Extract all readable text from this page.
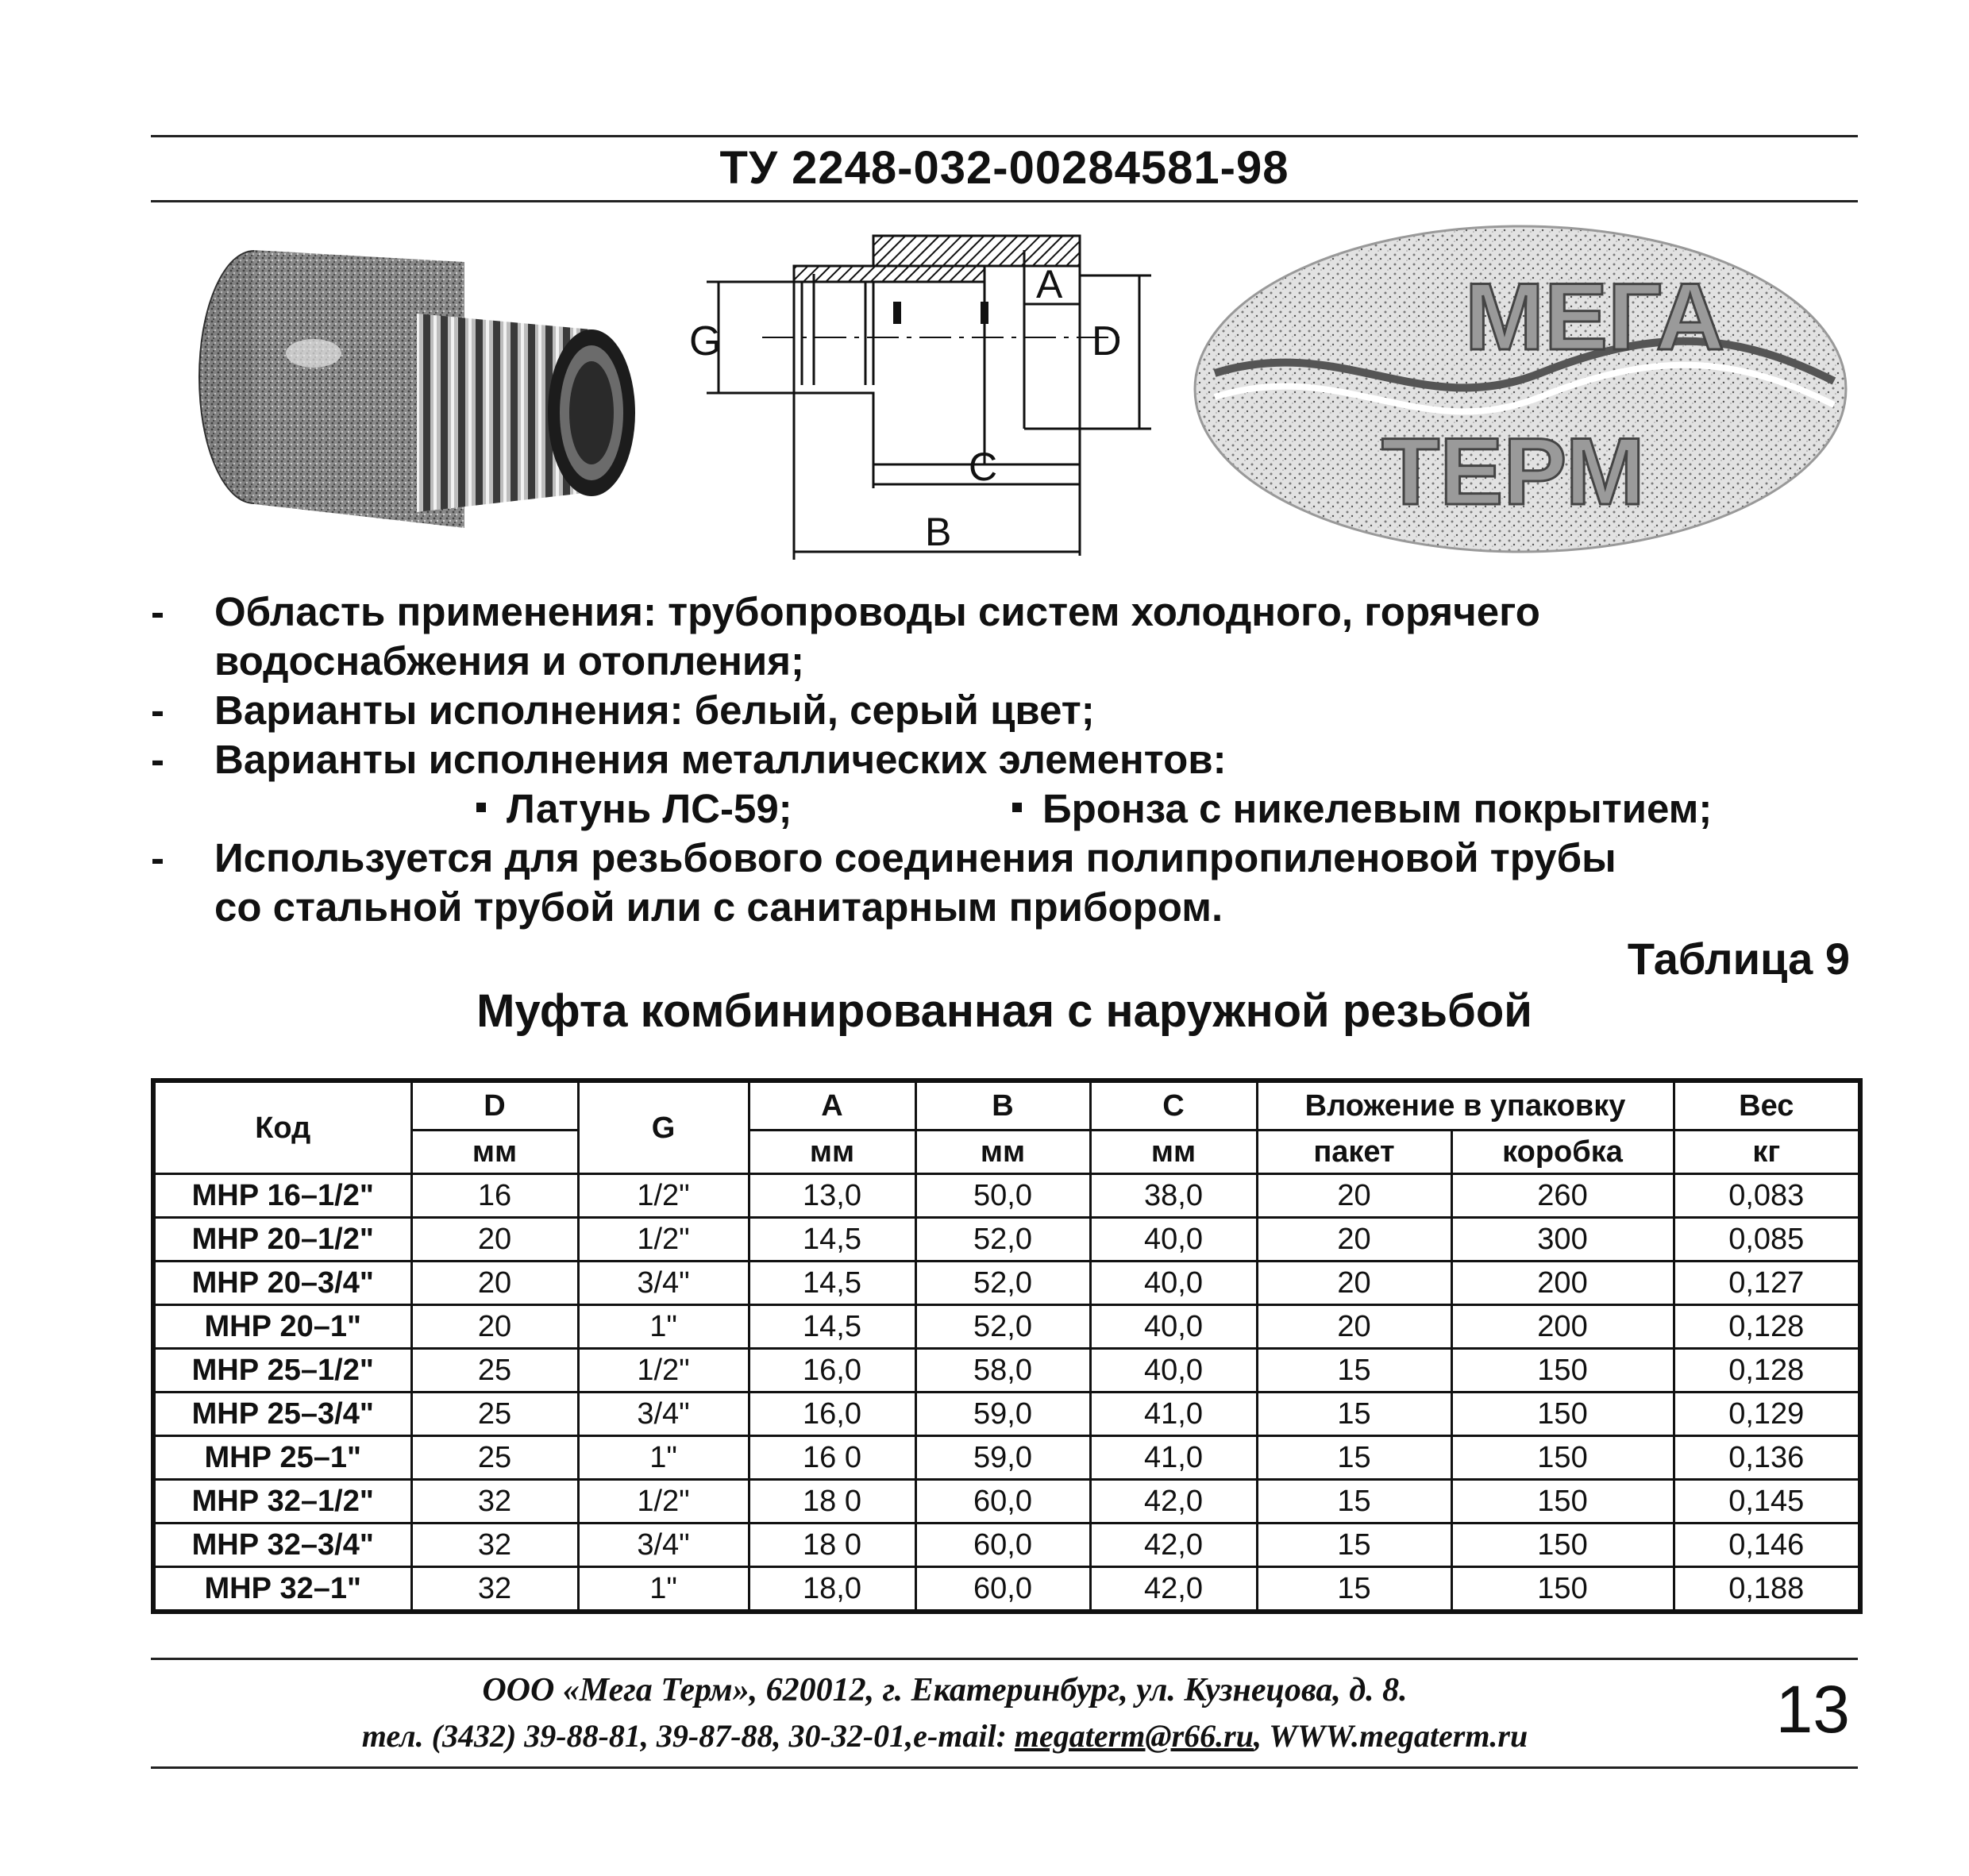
ТУ 2248-032-00284581-98
G
A
D
C
B
МЕГА
ТЕРМ
-	Область применения: трубопроводы систем холодного, горячего
водоснабжения и отопления;
-	Варианты исполнения: белый, серый цвет;
-	Варианты исполнения металлических элементов:
Латунь ЛС-59;	Бронза с никелевым покрытием;
-	Используется для резьбового соединения полипропиленовой трубы
со стальной трубой или с санитарным прибором.
Таблица 9
Муфта комбинированная с наружной резьбой
Код	D	G	A	B	C	Вложение в упаковку		Вес
	мм		мм	мм	мм	пакет	коробка	кг
МНР 16–1/2"	16	1/2"	13,0	50,0	38,0	20	260	0,083
МНР 20–1/2"	20	1/2"	14,5	52,0	40,0	20	300	0,085
МНР 20–3/4"	20	3/4"	14,5	52,0	40,0	20	200	0,127
МНР 20–1"	20	1"	14,5	52,0	40,0	20	200	0,128
МНР 25–1/2"	25	1/2"	16,0	58,0	40,0	15	150	0,128
МНР 25–3/4"	25	3/4"	16,0	59,0	41,0	15	150	0,129
МНР 25–1"	25	1"	16 0	59,0	41,0	15	150	0,136
МНР 32–1/2"	32	1/2"	18 0	60,0	42,0	15	150	0,145
МНР 32–3/4"	32	3/4"	18 0	60,0	42,0	15	150	0,146
МНР 32–1"	32	1"	18,0	60,0	42,0	15	150	0,188
ООО «Мега Терм», 620012, г. Екатеринбург, ул. Кузнецова, д. 8.
тел. (3432) 39-88-81, 39-87-88, 30-32-01,e-mail: megaterm@r66.ru, WWW.megaterm.ru	13
